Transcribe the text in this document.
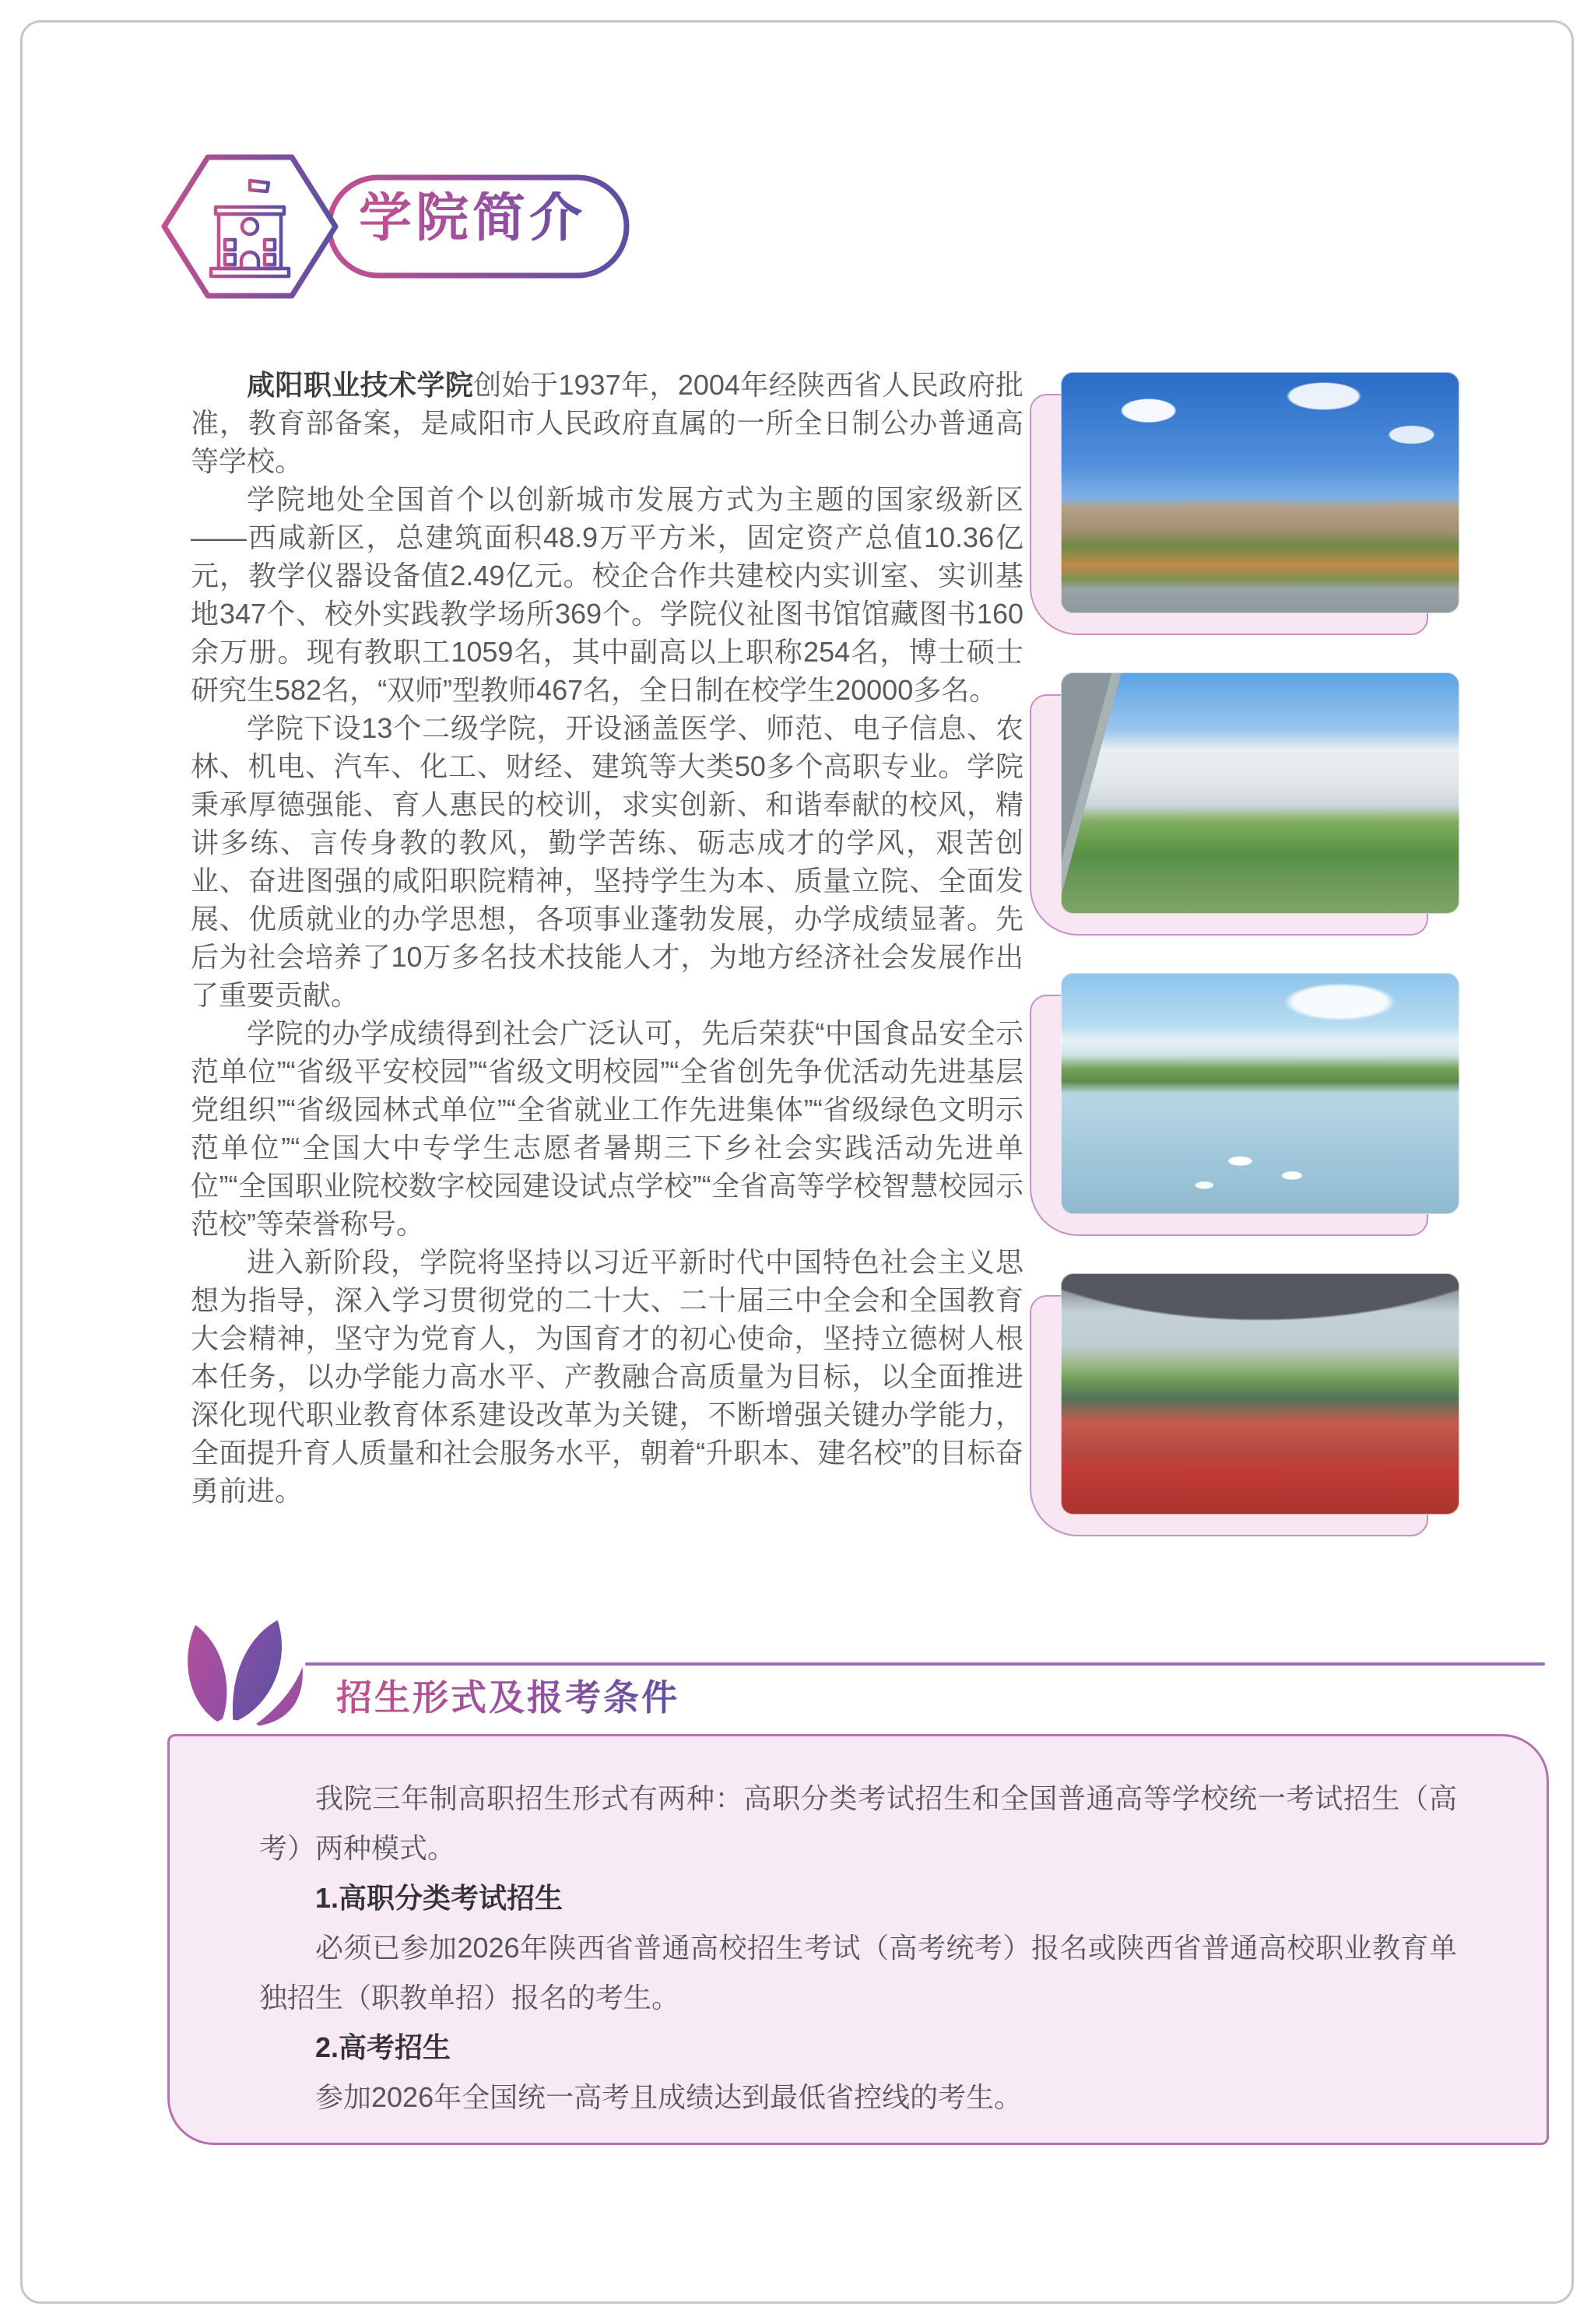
学院简介

咸阳职业技术学院创始于1937年，2004年经陕西省人民政府批准，教育部备案，是咸阳市人民政府直属的一所全日制公办普通高等学校。

学院地处全国首个以创新城市发展方式为主题的国家级新区——西咸新区，总建筑面积48.9万平方米，固定资产总值10.36亿元，教学仪器设备值2.49亿元。校企合作共建校内实训室、实训基地347个、校外实践教学场所369个。学院仪祉图书馆馆藏图书160余万册。现有教职工1059名，其中副高以上职称254名，博士硕士研究生582名，“双师”型教师467名，全日制在校学生20000多名。

学院下设13个二级学院，开设涵盖医学、师范、电子信息、农林、机电、汽车、化工、财经、建筑等大类50多个高职专业。学院秉承厚德强能、育人惠民的校训，求实创新、和谐奉献的校风，精讲多练、言传身教的教风，勤学苦练、砺志成才的学风，艰苦创业、奋进图强的咸阳职院精神，坚持学生为本、质量立院、全面发展、优质就业的办学思想，各项事业蓬勃发展，办学成绩显著。先后为社会培养了10万多名技术技能人才，为地方经济社会发展作出了重要贡献。

学院的办学成绩得到社会广泛认可，先后荣获“中国食品安全示范单位”“省级平安校园”“省级文明校园”“全省创先争优活动先进基层党组织”“省级园林式单位”“全省就业工作先进集体”“省级绿色文明示范单位”“全国大中专学生志愿者暑期三下乡社会实践活动先进单位”“全国职业院校数字校园建设试点学校”“全省高等学校智慧校园示范校”等荣誉称号。

进入新阶段，学院将坚持以习近平新时代中国特色社会主义思想为指导，深入学习贯彻党的二十大、二十届三中全会和全国教育大会精神，坚守为党育人，为国育才的初心使命，坚持立德树人根本任务，以办学能力高水平、产教融合高质量为目标，以全面推进深化现代职业教育体系建设改革为关键，不断增强关键办学能力，全面提升育人质量和社会服务水平，朝着“升职本、建名校”的目标奋勇前进。

招生形式及报考条件

我院三年制高职招生形式有两种：高职分类考试招生和全国普通高等学校统一考试招生（高考）两种模式。

1.高职分类考试招生

必须已参加2026年陕西省普通高校招生考试（高考统考）报名或陕西省普通高校职业教育单独招生（职教单招）报名的考生。

2.高考招生

参加2026年全国统一高考且成绩达到最低省控线的考生。
